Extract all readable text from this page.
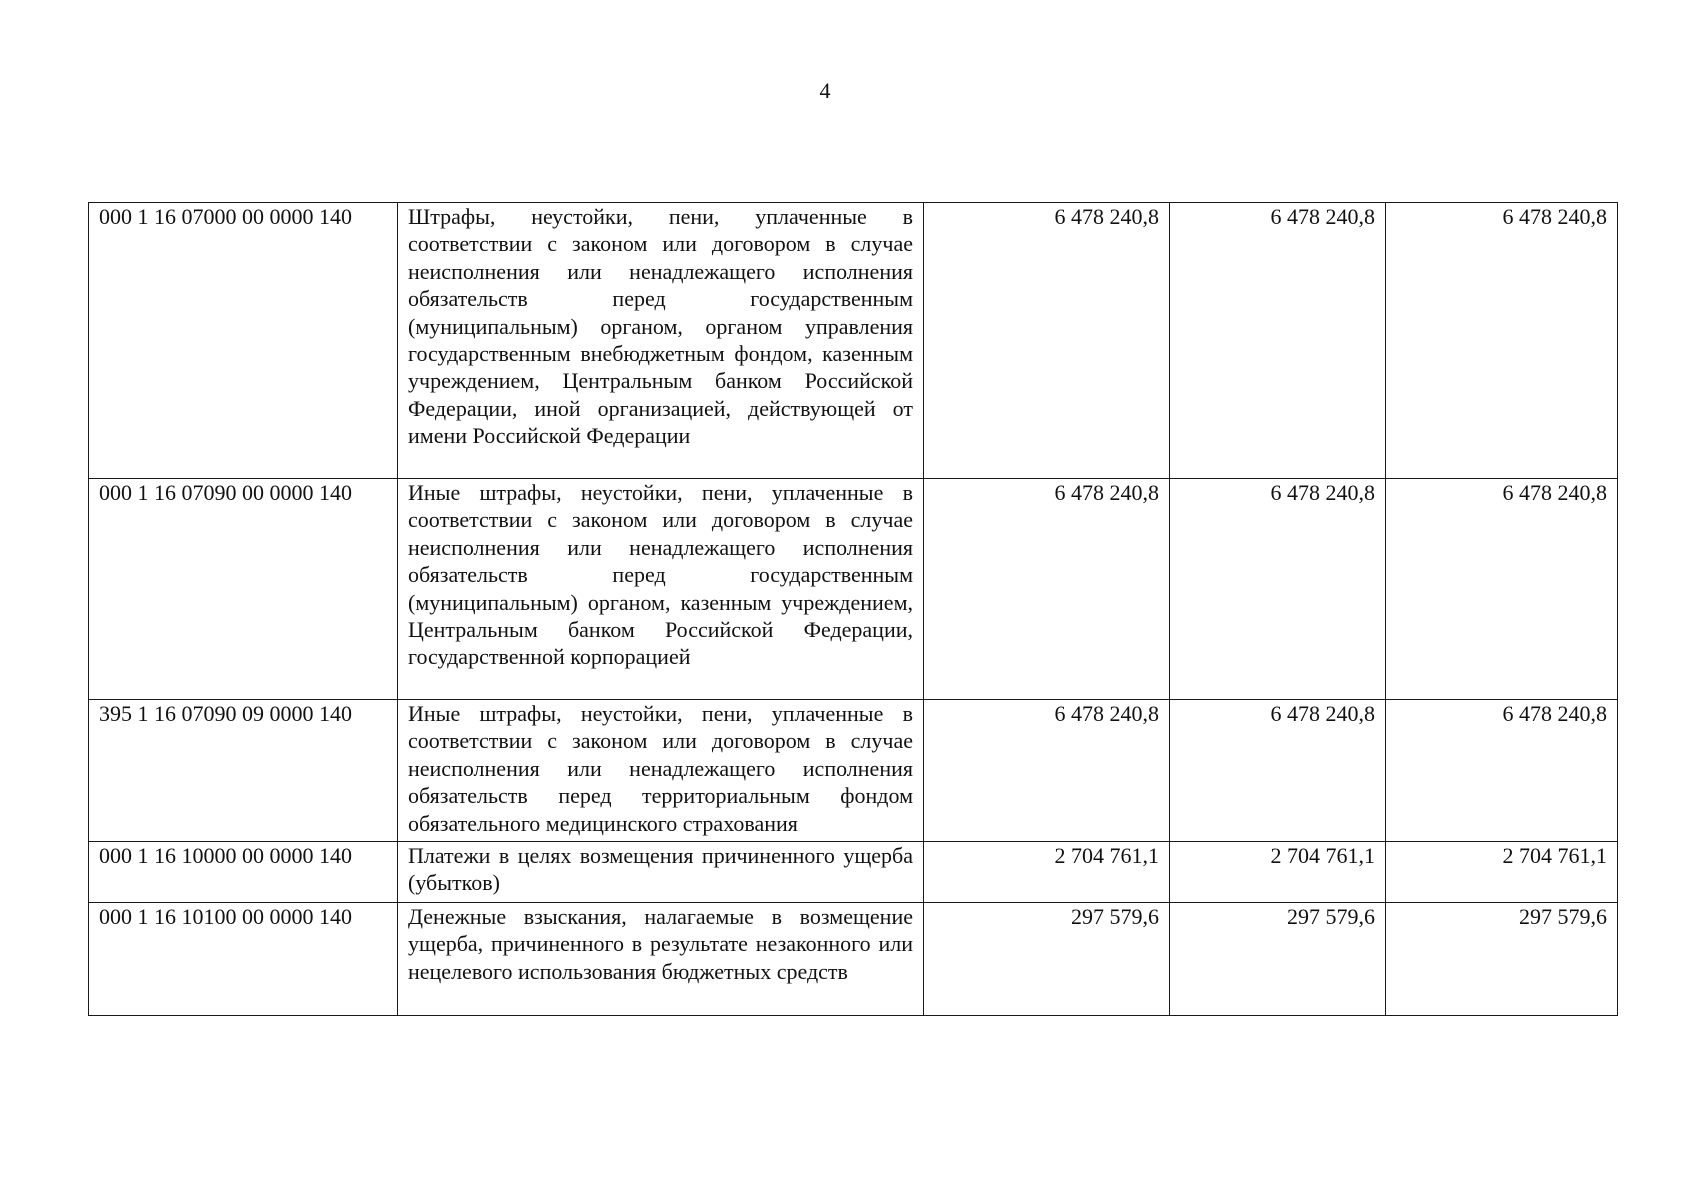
4
000 1 16 07000 00 0000 140	Штрафы, неустойки, пени, уплаченные в соответствии с законом или договором в случае неисполнения или ненадлежащего исполнения обязательств перед государственным (муниципальным) органом, органом управления государственным внебюджетным фондом, казенным учреждением, Центральным банком Российской Федерации, иной организацией, действующей от имени Российской Федерации	6 478 240,8	6 478 240,8	6 478 240,8
000 1 16 07090 00 0000 140	Иные штрафы, неустойки, пени, уплаченные в соответствии с законом или договором в случае неисполнения или ненадлежащего исполнения обязательств перед государственным (муниципальным) органом, казенным учреждением, Центральным банком Российской Федерации, государственной корпорацией	6 478 240,8	6 478 240,8	6 478 240,8
395 1 16 07090 09 0000 140	Иные штрафы, неустойки, пени, уплаченные в соответствии с законом или договором в случае неисполнения или ненадлежащего исполнения обязательств перед территориальным фондом обязательного медицинского страхования	6 478 240,8	6 478 240,8	6 478 240,8
000 1 16 10000 00 0000 140	Платежи в целях возмещения причиненного ущерба (убытков)	2 704 761,1	2 704 761,1	2 704 761,1
000 1 16 10100 00 0000 140	Денежные взыскания, налагаемые в возмещение ущерба, причиненного в результате незаконного или нецелевого использования бюджетных средств	297 579,6	297 579,6	297 579,6
